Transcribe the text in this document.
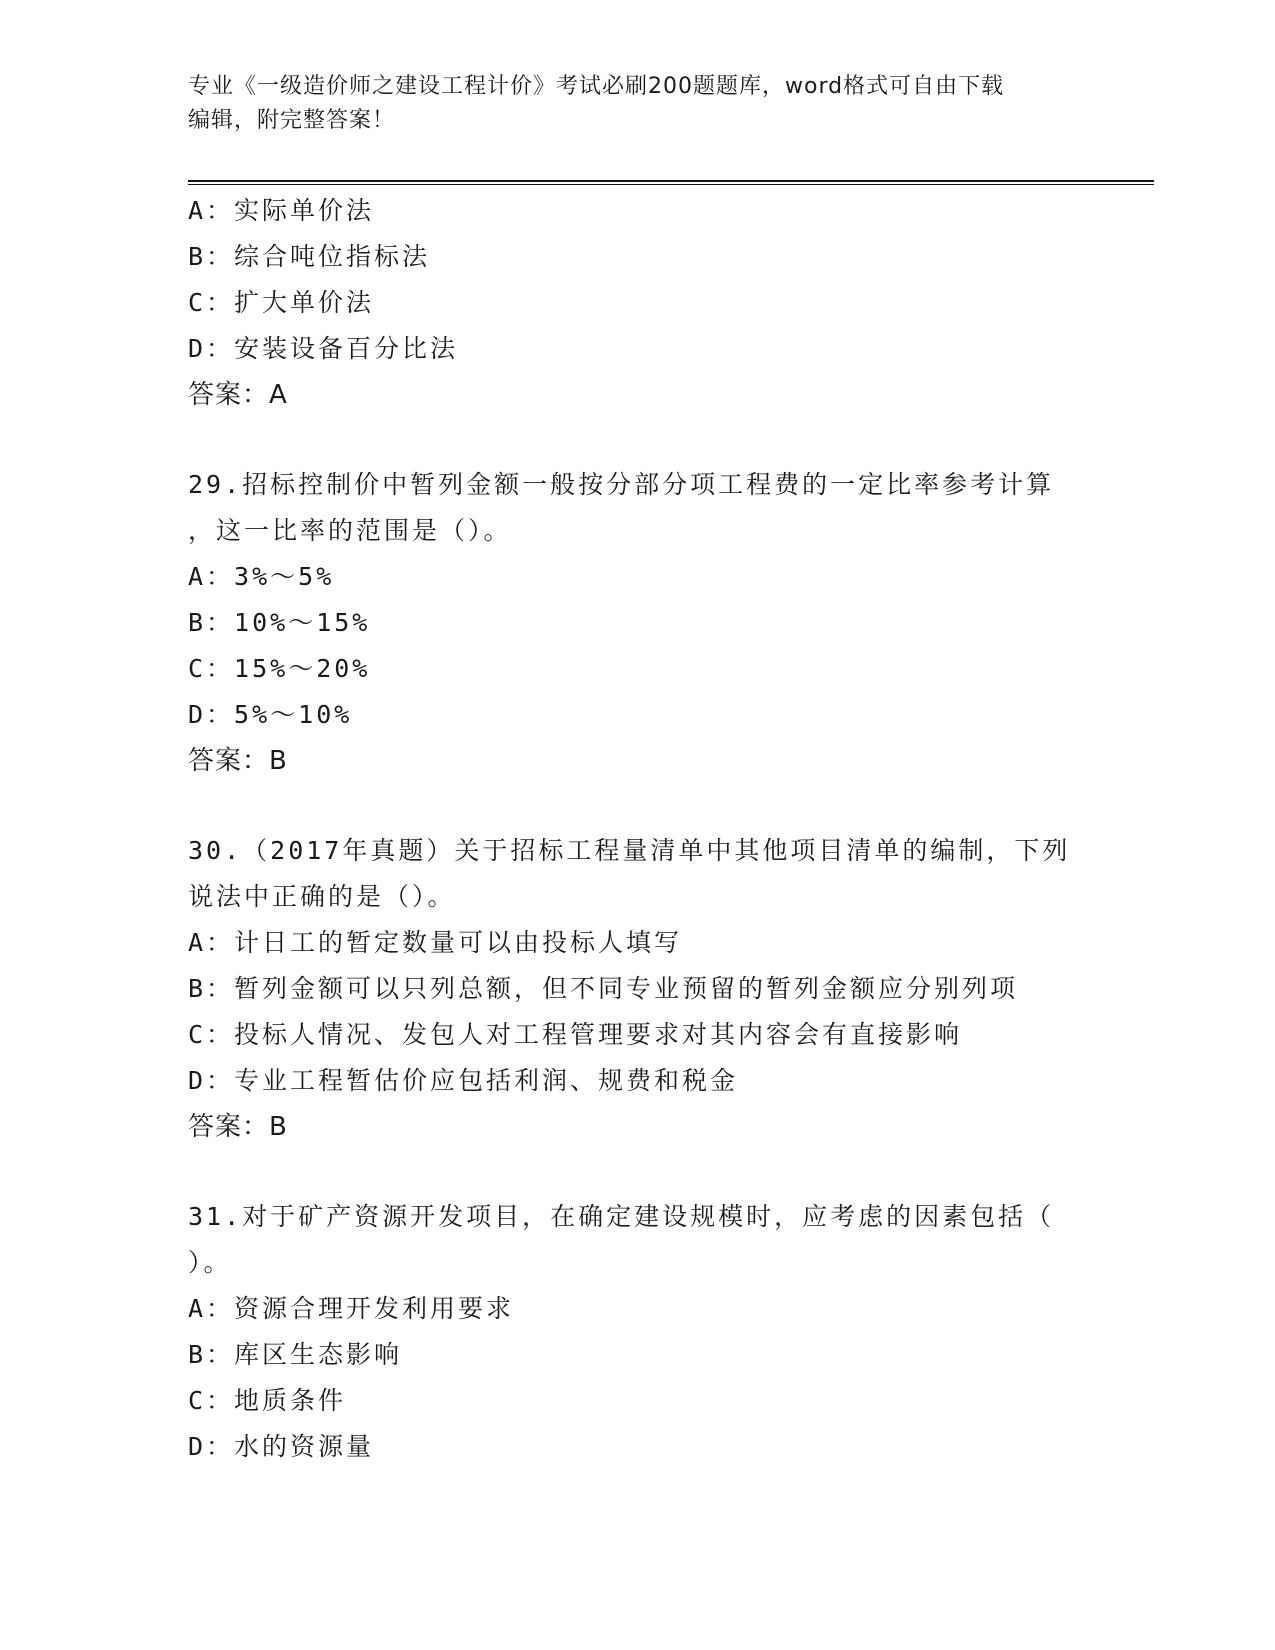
专业《一级造价师之建设工程计价》考试必刷200题题库，word格式可自由下载
编辑，附完整答案！
A：实际单价法
B：综合吨位指标法
C：扩大单价法
D：安装设备百分比法
答案：A
29.招标控制价中暂列金额一般按分部分项工程费的一定比率参考计算
，这一比率的范围是（）。
A：3%～5%
B：10%～15%
C：15%～20%
D：5%～10%
答案：B
30.（2017年真题）关于招标工程量清单中其他项目清单的编制，下列
说法中正确的是（）。
A：计日工的暂定数量可以由投标人填写
B：暂列金额可以只列总额，但不同专业预留的暂列金额应分别列项
C：投标人情况、发包人对工程管理要求对其内容会有直接影响
D：专业工程暂估价应包括利润、规费和税金
答案：B
31.对于矿产资源开发项目，在确定建设规模时，应考虑的因素包括（
）。
A：资源合理开发利用要求
B：库区生态影响
C：地质条件
D：水的资源量
